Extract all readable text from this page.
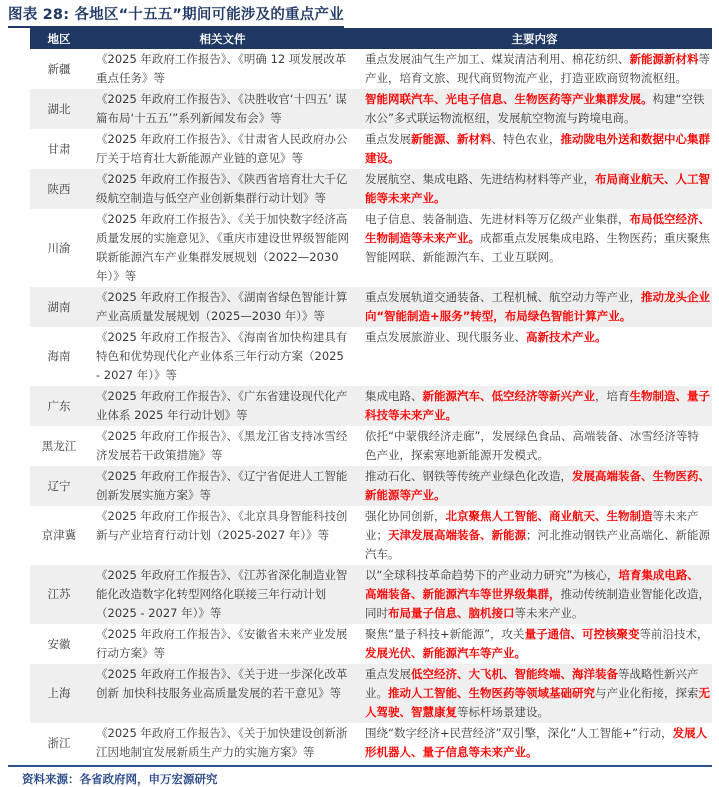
图表 28: 各地区“十五五”期间可能涉及的重点产业
地区	相关文件	主要内容
新疆
《2025 年政府工作报告》、《明确 12 项发展改革重点任务》等
重点发展油气生产加工、煤炭清洁利用、棉花纺织、新能源新材料等产业，培育文旅、现代商贸物流产业，打造亚欧商贸物流枢纽。
湖北
《2025 年政府工作报告》、《决胜收官‘十四五’ 谋篇布局‘十五五’”系列新闻发布会》等
智能网联汽车、光电子信息、生物医药等产业集群发展。构建“空铁水公”多式联运物流枢纽，发展航空物流与跨境电商。
甘肃
《2025 年政府工作报告》、《甘肃省人民政府办公厅关于培育壮大新能源产业链的意见》等
重点发展新能源、新材料、特色农业，推动陇电外送和数据中心集群建设。
陕西
《2025 年政府工作报告》、《陕西省培育壮大千亿级航空制造与低空产业创新集群行动计划》等
发展航空、集成电路、先进结构材料等产业，布局商业航天、人工智能等未来产业。
川渝
《2025 年政府工作报告》、《关于加快数字经济高质量发展的实施意见》、《重庆市建设世界级智能网联新能源汽车产业集群发展规划（2022—2030 年）》等
电子信息、装备制造、先进材料等万亿级产业集群，布局低空经济、生物制造等未来产业。成都重点发展集成电路、生物医药；重庆聚焦智能网联、新能源汽车、工业互联网。
湖南
《2025 年政府工作报告》、《湖南省绿色智能计算产业高质量发展规划（2025—2030 年）》等
重点发展轨道交通装备、工程机械、航空动力等产业，推动龙头企业向“智能制造+服务”转型，布局绿色智能计算产业。
海南
《2025 年政府工作报告》、《海南省加快构建具有特色和优势现代化产业体系三年行动方案（2025 - 2027 年）》等
重点发展旅游业、现代服务业、高新技术产业。
广东
《2025 年政府工作报告》、《广东省建设现代化产业体系 2025 年行动计划》等
集成电路、新能源汽车、低空经济等新兴产业，培育生物制造、量子科技等未来产业。
黑龙江
《2025 年政府工作报告》、《黑龙江省支持冰雪经济发展若干政策措施》等
依托“中蒙俄经济走廊”，发展绿色食品、高端装备、冰雪经济等特色产业，探索寒地新能源开发模式。
辽宁
《2025 年政府工作报告》、《辽宁省促进人工智能创新发展实施方案》等
推动石化、钢铁等传统产业绿色化改造，发展高端装备、生物医药、新能源等产业。
京津冀
《2025 年政府工作报告》、《北京具身智能科技创新与产业培育行动计划（2025-2027 年）》等
强化协同创新，北京聚焦人工智能、商业航天、生物制造等未来产业；天津发展高端装备、新能源；河北推动钢铁产业高端化、新能源汽车。
江苏
《2025 年政府工作报告》、《江苏省深化制造业智能化改造数字化转型网络化联接三年行动计划（2025 - 2027 年）》等
以“全球科技革命趋势下的产业动力研究”为核心，培育集成电路、高端装备、新能源汽车等世界级集群，推动传统制造业智能化改造，同时布局量子信息、脑机接口等未来产业。
安徽
《2025 年政府工作报告》、《安徽省未来产业发展行动方案》等
聚焦“量子科技+新能源”，攻关量子通信、可控核聚变等前沿技术，发展光伏、新能源汽车等产业。
上海
《2025 年政府工作报告》、《关于进一步深化改革创新 加快科技服务业高质量发展的若干意见》等
重点发展低空经济、大飞机、智能终端、海洋装备等战略性新兴产业。推动人工智能、生物医药等领域基础研究与产业化衔接，探索无人驾驶、智慧康复等标杆场景建设。
浙江
《2025 年政府工作报告》、《关于加快建设创新浙江因地制宜发展新质生产力的实施方案》等
围绕“数字经济+民营经济”双引擎，深化“人工智能+”行动，发展人形机器人、量子信息等未来产业。
资料来源：各省政府网，申万宏源研究
